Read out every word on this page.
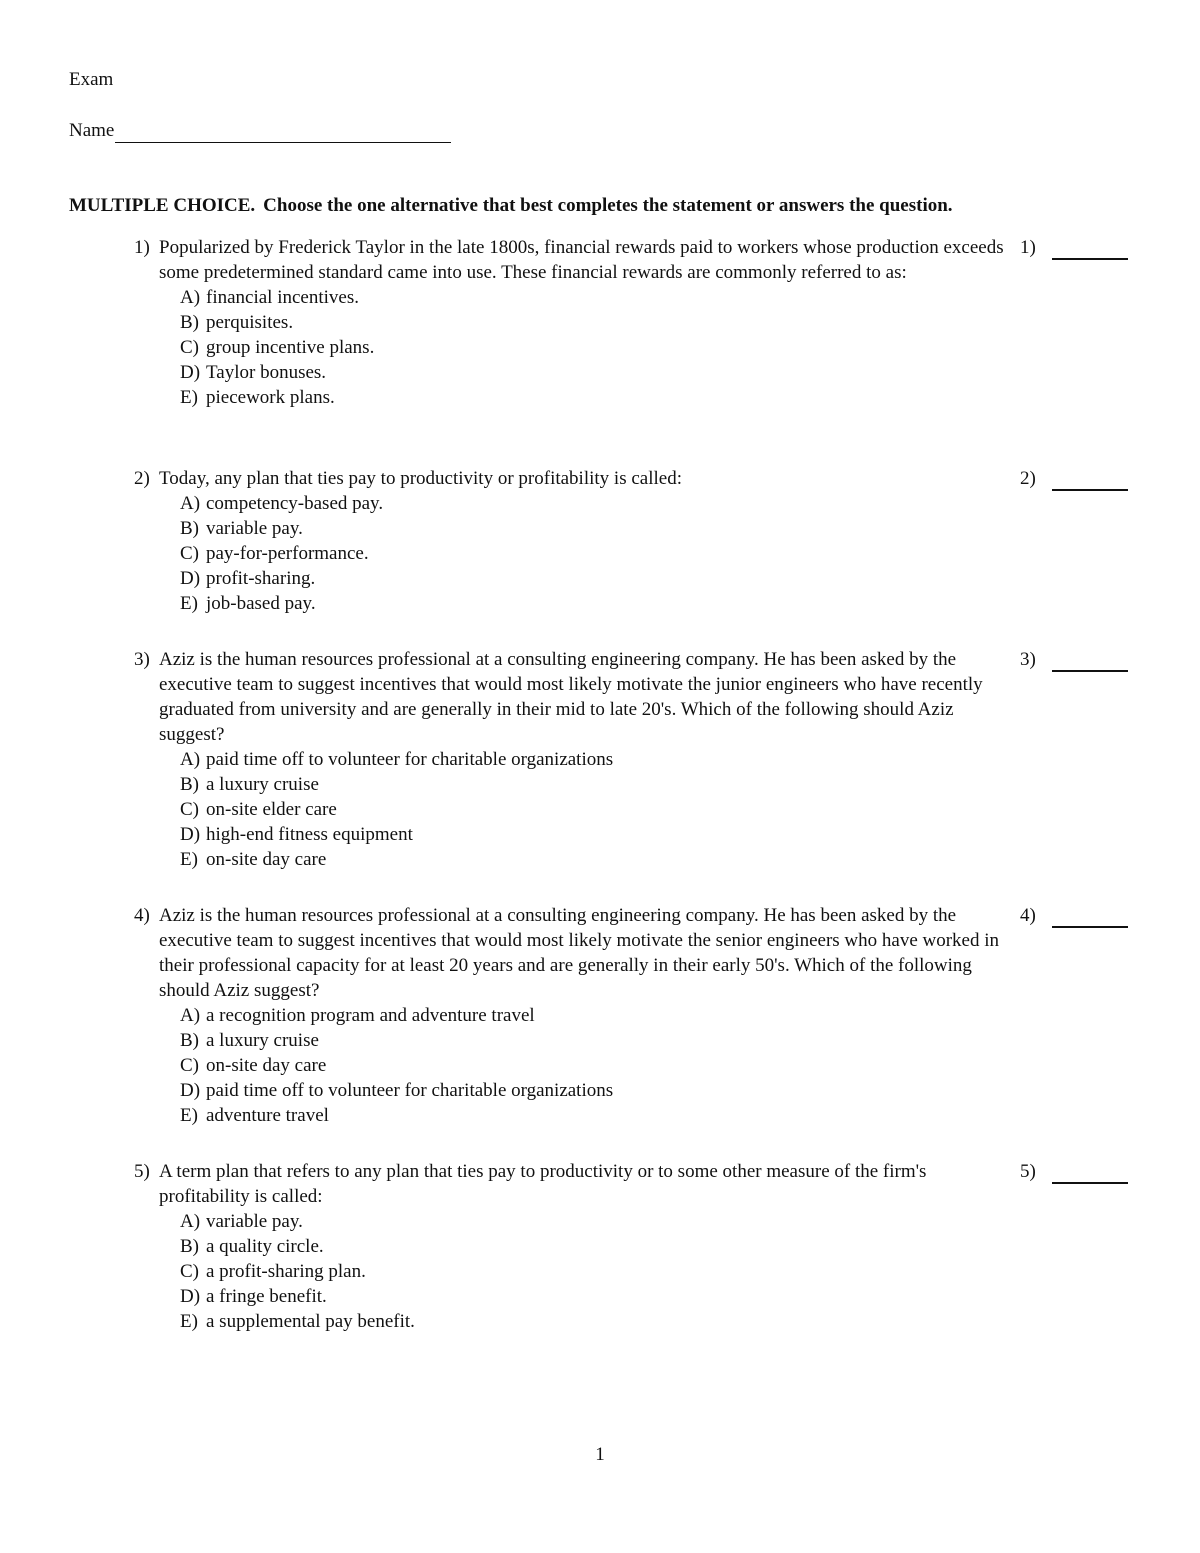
Exam
Name
MULTIPLE CHOICE. Choose the one alternative that best completes the statement or answers the question.
1) Popularized by Frederick Taylor in the late 1800s, financial rewards paid to workers whose production exceeds some predetermined standard came into use. These financial rewards are commonly referred to as:
A) financial incentives.
B) perquisites.
C) group incentive plans.
D) Taylor bonuses.
E) piecework plans.
1)
2) Today, any plan that ties pay to productivity or profitability is called:
A) competency-based pay.
B) variable pay.
C) pay-for-performance.
D) profit-sharing.
E) job-based pay.
2)
3) Aziz is the human resources professional at a consulting engineering company. He has been asked by the executive team to suggest incentives that would most likely motivate the junior engineers who have recently graduated from university and are generally in their mid to late 20's. Which of the following should Aziz suggest?
A) paid time off to volunteer for charitable organizations
B) a luxury cruise
C) on-site elder care
D) high-end fitness equipment
E) on-site day care
3)
4) Aziz is the human resources professional at a consulting engineering company. He has been asked by the executive team to suggest incentives that would most likely motivate the senior engineers who have worked in their professional capacity for at least 20 years and are generally in their early 50's. Which of the following should Aziz suggest?
A) a recognition program and adventure travel
B) a luxury cruise
C) on-site day care
D) paid time off to volunteer for charitable organizations
E) adventure travel
4)
5) A term plan that refers to any plan that ties pay to productivity or to some other measure of the firm's profitability is called:
A) variable pay.
B) a quality circle.
C) a profit-sharing plan.
D) a fringe benefit.
E) a supplemental pay benefit.
5)
1
